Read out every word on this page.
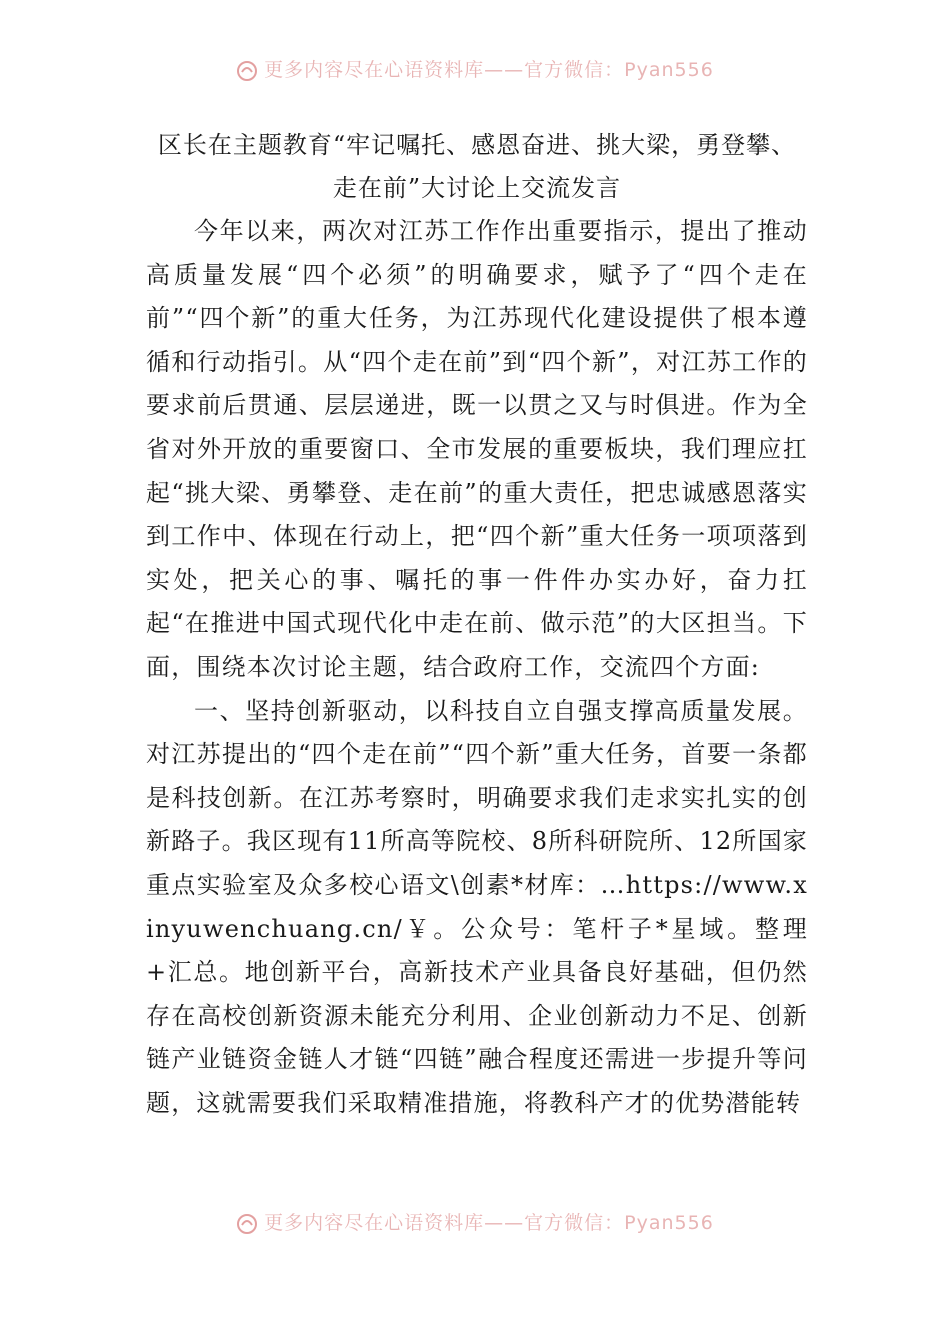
更多内容尽在心语资料库——官方微信：Pyan556
区长在主题教育“牢记嘱托、感恩奋进、挑大梁，勇登攀、
走在前”大讨论上交流发言

今年以来，两次对江苏工作作出重要指示，提出了推动高质量发展“四个必须”的明确要求，赋予了“四个走在前”“四个新”的重大任务，为江苏现代化建设提供了根本遵循和行动指引。从“四个走在前”到“四个新”，对江苏工作的要求前后贯通、层层递进，既一以贯之又与时俱进。作为全省对外开放的重要窗口、全市发展的重要板块，我们理应扛起“挑大梁、勇攀登、走在前”的重大责任，把忠诚感恩落实到工作中、体现在行动上，把“四个新”重大任务一项项落到实处，把关心的事、嘱托的事一件件办实办好，奋力扛起“在推进中国式现代化中走在前、做示范”的大区担当。下面，围绕本次讨论主题，结合政府工作，交流四个方面:

一、坚持创新驱动，以科技自立自强支撑高质量发展。对江苏提出的“四个走在前”“四个新”重大任务，首要一条都是科技创新。在江苏考察时，明确要求我们走求实扎实的创新路子。我区现有11所高等院校、8所科研院所、12所国家重点实验室及众多校心语文\创素*材库：…https://www.xinyuwenchuang.cn/￥。公众号：笔杆子*星域。整理+汇总。地创新平台，高新技术产业具备良好基础，但仍然存在高校创新资源未能充分利用、企业创新动力不足、创新链产业链资金链人才链“四链”融合程度还需进一步提升等问题，这就需要我们采取精准措施，将教科产才的优势潜能转

更多内容尽在心语资料库——官方微信：Pyan556
